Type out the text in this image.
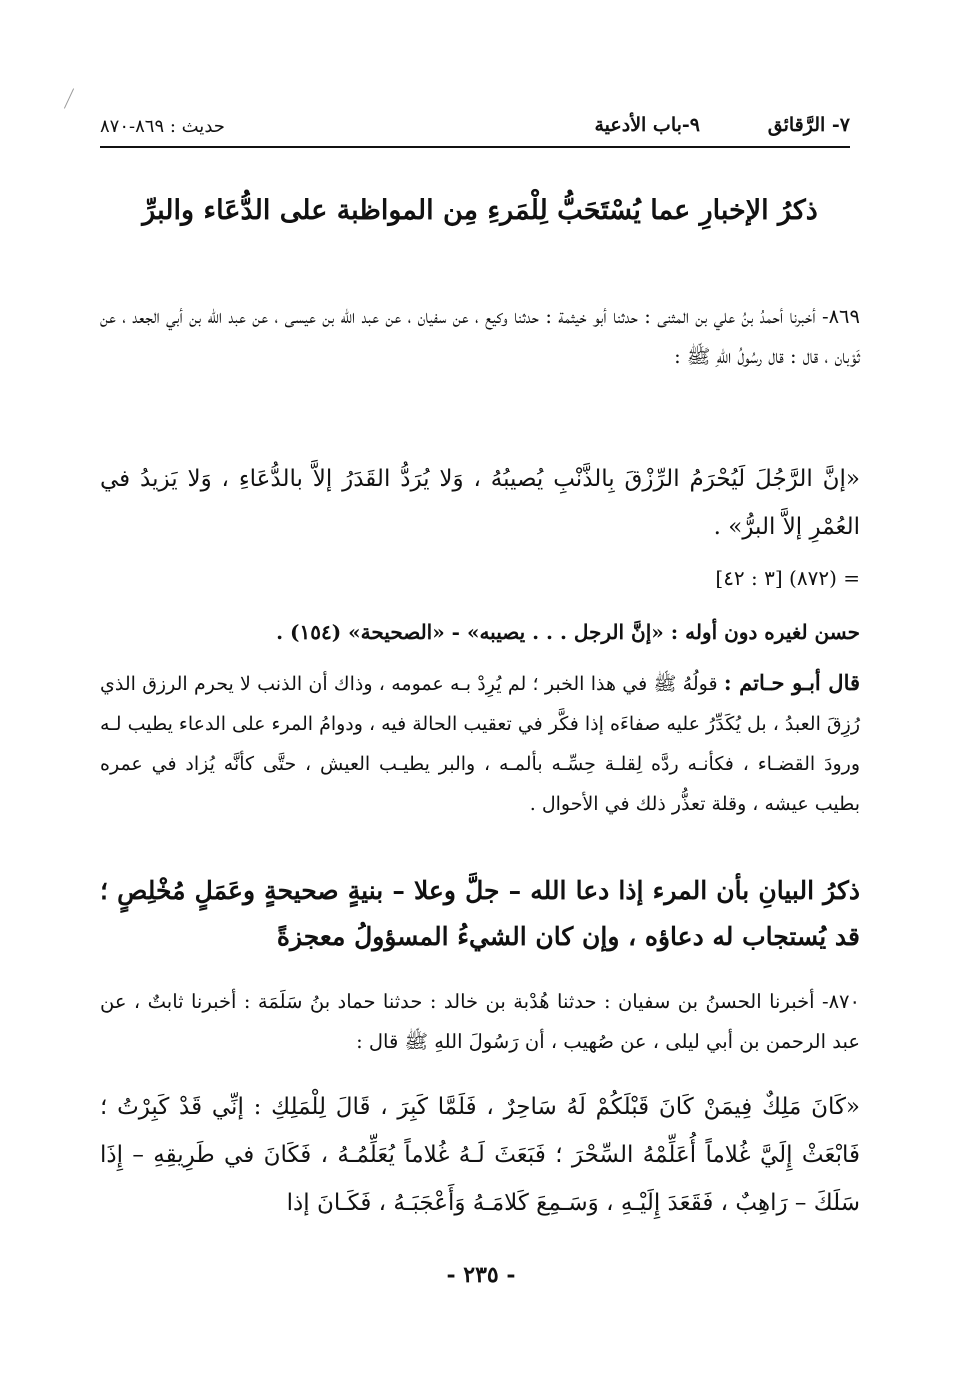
٧- الرَّقائق
٩-باب الأدعية
حديث : ٨٦٩-٨٧٠
ذكرُ الإخبارِ عما يُسْتَحَبُّ لِلْمَرءِ مِن المواظبة على الدُّعَاء والبرِّ
٨٦٩- أخبرنا أحمدُ بنُ علي بن المثنى : حدثنا أبو خيثمة : حدثنا وكيع ، عن سفيان ، عن عبد الله بن عيسى ، عن عبد الله بن أبي الجعد ، عن ثَوْبان ، قال : قال رسُولُ اللهِ ﷺ :
«إنَّ الرَّجُلَ لَيُحْرَمُ الرِّزْقَ بِالذَّنْبِ يُصيبُهُ ، وَلا يُرَدُّ القَدَرُ إلاَّ بالدُّعَاءِ ، وَلا يَزيدُ في العُمْرِ إلاَّ البرُّ» .
= (٨٧٢) [٣ : ٤٢]
حسن لغيره دون أوله : «إنَّ الرجل . . . يصيبه» - «الصحيحة» (١٥٤) .
قال أبـو حـاتم : قولُهُ ﷺ في هذا الخبر ؛ لم يُرِدْ بـه عمومه ، وذاك أن الذنب لا يحرم الرزق الذي رُزِقَ العبدُ ، بل يُكَدِّرُ عليه صفاءَه إذا فكَّر في تعقيب الحالة فيه ، ودوامُ المرء على الدعاء يطيب لـه ورودَ القضـاء ، فكأنـه ردَّه لِقلـة حِسِّـه بألمـه ، والبر يطيـب العيش ، حتَّى كأنَّه يُزاد في عمره بطيب عيشه ، وقلة تعذُّر ذلك في الأحوال .
ذكرُ البيانِ بأن المرء إذا دعا الله – جلَّ وعلا – بنيةٍ صحيحةٍ وعَمَلٍ مُخْلِصٍ ؛ قد يُستجاب له دعاؤه ، وإن كان الشيءُ المسؤولُ معجزةً
٨٧٠- أخبرنا الحسنُ بن سفيان : حدثنا هُدْبة بن خالد : حدثنا حماد بنُ سَلَمَة : أخبرنا ثابتٌ ، عن عبد الرحمن بن أبي ليلى ، عن صُهيب ، أن رَسُولَ اللهِ ﷺ قال :
«كَانَ مَلِكٌ فِيمَنْ كَانَ قَبْلَكُمْ لَهُ سَاحِرٌ ، فَلَمَّا كَبِرَ ، قَالَ لِلْمَلِكِ : إنِّي قَدْ كَبِرْتُ ؛ فَابْعَثْ إِلَيَّ غُلاماً أُعَلِّمْهُ السِّحْرَ ؛ فَبَعَثَ لَـهُ غُلاماً يُعَلِّمُـهُ ، فَكَانَ في طَرِيقِهِ – إِذَا سَلَكَ – رَاهِبٌ ، فَقَعَدَ إِلَيْـهِ ، وَسَـمِعَ كَلامَـهُ وَأَعْجَبَـهُ ، فَكَـانَ إذا
- ٢٣٥ -
